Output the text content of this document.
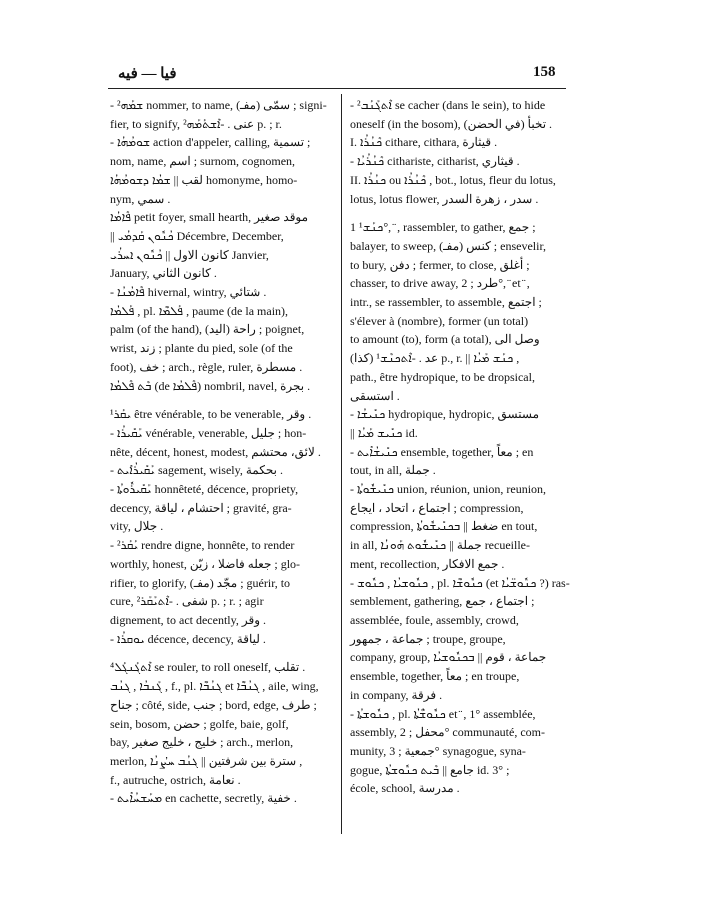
فيا — فيه	158
- ܫܡܰܗ² nommer, to name, سمّى (مفـ) ; signi-
fier, to signify, عنى . -ܐܶܫܬܰܡܰܗ² p. ; r.
- ܫܘܡܳܗܳܐ action d'appeler, calling, تسمية ;
nom, name, اسم ; surnom, cognomen,
لقب || ܫܡܳܐ ܕܫܘܡܳܗܳܐ homonyme, homo-
nym, سمي .
ܦܶܐܡܳܐ petit foyer, small hearth, موقد صغير
|| ܟܳܢܽܘܢ ܩܰܕܡܳܝ Décembre, December,
كانون الاول || ܟܳܢܽܘܢ ܐܚܪܳܝ Janvier,
January, كانون الثاني .
- ܦܶܐܡܳܢܳܐ hivernal, wintry, شتائي .
ܦܰܠܡܳܐ , pl. ܦܰܠܡ̈ܶܐ , paume (de la main),
palm (of the hand), راحة (اليد) ; poignet,
wrist, زند ; plante du pied, sole (of the
foot), خف ; arch., règle, ruler, مسطرة .
ܒܶܬ ܦܶܠܡܳܐ (de ܦܶܠܡܳܐ) nombril, navel, بجرة .
ܝܩܰܪ¹ être vénérable, to be venerable, وقر .
- ܝܰܩܺܝܪܳܐ vénérable, venerable, جليل ; hon-
nête, décent, honest, modest, لائق، محتشم .
- ܝܰܩܺܝܪܳܐܺܝܬ sagement, wisely, بحكمة .
- ܝܰܩܺܝܪܽܘܬܳܐ honnêteté, décence, propriety,
decency, احتشام ، لياقة ; gravité, gra-
vity, جلال .
- ܝܰܩܰܪ² rendre digne, honnête, to render
worthly, honest, جعله فاضلا ، زيّن ; glo-
rifier, to glorify, مجّد (مفـ) ; guérir, to
cure, شفى . -ܐܶܬܝܰܩܰܪ² p. ; r. ; agir
dignement, to act decently, وقر .
- ܝܘܩܪܳܐ décence, decency, لياقة .
ܐܶܬܓܰܢܓܰܠ⁴ se rouler, to roll oneself, تقلب .
ܓܰܢܒܳܐ , ܓܢܳܒ , f., pl. ܓܢܳܒ̈ܶܐ et ܓܢܳܒ̈ܶܐ , aile, wing,
جناح ; côté, side, جنب ; bord, edge, طرف ;
sein, bosom, حضن ; golfe, baie, golf,
bay, خليج ، خليج صغير ; arch., merlon,
merlon, سترة بين شرفتين || ܓܢܳܒ ܚܨܳܢܳܐ ,
f., autruche, ostrich, نعامة .
- ܡܚܰܫܚܳܐܺܝܬ en cachette, secretly, خفية .
- ܐܶܬܓܰܢܰܒ² se cacher (dans le sein), to hide
oneself (in the bosom), تخبأ (في الحضن) .
I. ܟܶܢܳܪܳܐ cithare, cithara, قيثارة .
- ܟܶܢܳܪܳܝܳܐ cithariste, citharist, قيثاري .
II. ܟܢܳܪܳܐ ou ܟܶܢܳܪܳܐ , bot., lotus, fleur du lotus,
lotus, lotus flower, سدر ، زهرة السدر .
ܟܢܰܫ¹ 1°, ̈ , rassembler, to gather, جمع ;
balayer, to sweep, كنس (مفـ) ; ensevelir,
to bury, دفن ; fermer, to close, أغلق ;
chasser, to drive away, طرد ; 2°, ̈ et ̈ ,
intr., se rassembler, to assemble, اجتمع ;
s'élever à (nombre), former (un total)
to amount (to), form (a total), وصل الى
(كذا) عد . -ܐܶܬܟܢܶܫ¹ p., r. || ܟܢܰܫ ܡܰܝܳܐ ,
path., être hydropique, to be dropsical,
استسقى .
- ܟܢܺܝܫܳܐ hydropique, hydropic, مستسق
|| ܟܢܺܝܫ ܡܰܝܳܐ id.
- ܟܢܺܝܫܳܐܺܝܬ ensemble, together, معاً ; en
tout, in all, جملة .
- ܟܢܺܝܫܽܘܬܳܐ union, réunion, union, reunion,
اجتماع ، اتحاد ، ايجاع ; compression,
compression, ضغط || ܒܟܢܺܝܫܽܘܬܳܐ en tout,
in all, جملة || ܟܢܺܝܫܽܘܬ ܗܰܘܢܳܐ recueille-
ment, recollection, جمع الافكار .
- ܟܢܽܘܫܝܳܐ , ܟܢܽܘܫ , pl. ܟܢܽܘܫ̈ܶܐ (et ܟܢܽܘܫ̈ܝܳܐ ?) ras-
semblement, gathering, اجتماع ، جمع ;
assemblée, foule, assembly, crowd,
جماعة ، جمهور ; troupe, groupe,
company, group, جماعة ، قوم || ܒܟܢܽܘܫܝܳܐ
ensemble, together, معاً ; en troupe,
in company, فرقة .
- ܟܢܽܘܫܬܳܐ , pl. ܟܢܽܘܫ̈ܳܬܳܐ et ̈ , 1° assemblée,
assembly, محفل ; 2° communauté, com-
munity, جمعية ; 3° synagogue, syna-
gogue, جامع || ܒܶܝܬ ܟܢܽܘܫܬܳܐ id. 3° ;
école, school, مدرسة .
